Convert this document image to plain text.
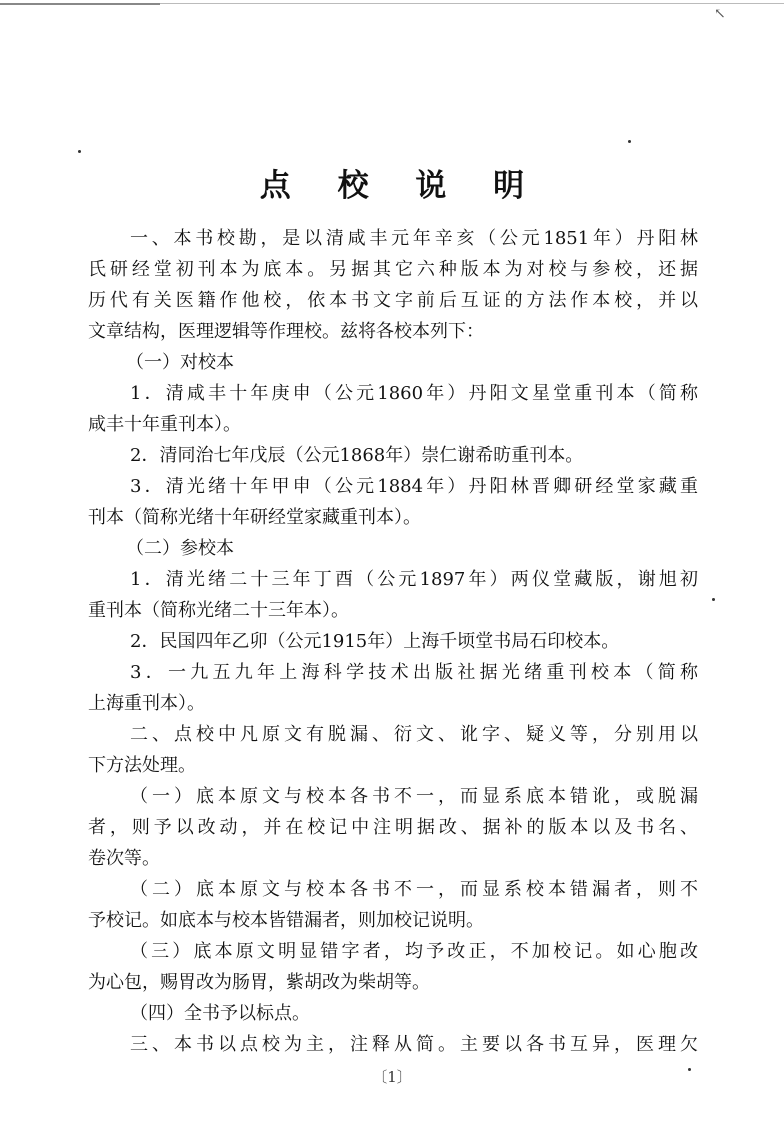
↖
点 校 说 明
一、本书校勘，是以清咸丰元年辛亥（公元1851年）丹阳林
氏研经堂初刊本为底本。另据其它六种版本为对校与参校，还据
历代有关医籍作他校，依本书文字前后互证的方法作本校，并以
文章结构，医理逻辑等作理校。兹将各校本列下：
（一）对校本
1．清咸丰十年庚申（公元1860年）丹阳文星堂重刊本（简称
咸丰十年重刊本）。
2．清同治七年戊辰（公元1868年）崇仁谢希昉重刊本。
3．清光绪十年甲申（公元1884年）丹阳林晋卿研经堂家藏重
刊本（简称光绪十年研经堂家藏重刊本）。
（二）参校本
1．清光绪二十三年丁酉（公元1897年）两仪堂藏版，谢旭初
重刊本（简称光绪二十三年本）。
2．民国四年乙卯（公元1915年）上海千顷堂书局石印校本。
3．一九五九年上海科学技术出版社据光绪重刊校本（简称
上海重刊本）。
二、点校中凡原文有脱漏、衍文、讹字、疑义等，分别用以
下方法处理。
（一）底本原文与校本各书不一，而显系底本错讹，或脱漏
者，则予以改动，并在校记中注明据改、据补的版本以及书名、
卷次等。
（二）底本原文与校本各书不一，而显系校本错漏者，则不
予校记。如底本与校本皆错漏者，则加校记说明。
（三）底本原文明显错字者，均予改正，不加校记。如心胞改
为心包，赐胃改为肠胃，紫胡改为柴胡等。
（四）全书予以标点。
三、本书以点校为主，注释从简。主要以各书互异，医理欠
〔1〕
